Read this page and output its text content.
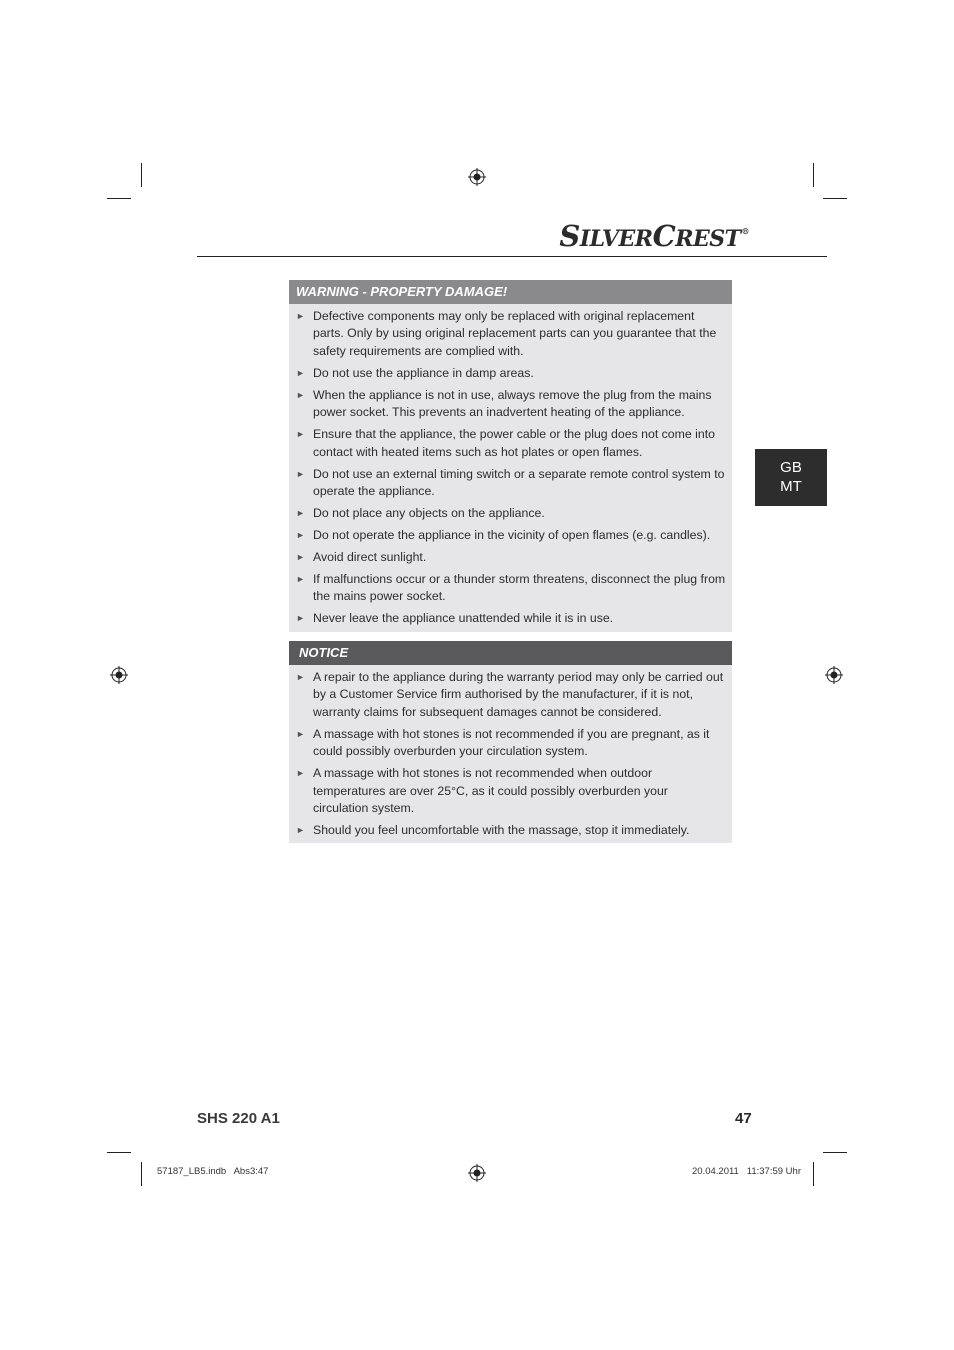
SILVERCREST®
GB
MT
WARNING - PROPERTY DAMAGE!
► Defective components may only be replaced with original replacement parts. Only by using original replacement parts can you guarantee that the safety requirements are complied with.
► Do not use the appliance in damp areas.
► When the appliance is not in use, always remove the plug from the mains power socket. This prevents an inadvertent heating of the appliance.
► Ensure that the appliance, the power cable or the plug does not come into contact with heated items such as hot plates or open flames.
► Do not use an external timing switch or a separate remote control system to operate the appliance.
► Do not place any objects on the appliance.
► Do not operate the appliance in the vicinity of open flames (e.g. candles).
► Avoid direct sunlight.
► If malfunctions occur or a thunder storm threatens, disconnect the plug from the mains power socket.
► Never leave the appliance unattended while it is in use.
NOTICE
► A repair to the appliance during the warranty period may only be carried out by a Customer Service firm authorised by the manufacturer, if it is not, warranty claims for subsequent damages cannot be considered.
► A massage with hot stones is not recommended if you are pregnant, as it could possibly overburden your circulation system.
► A massage with hot stones is not recommended when outdoor temperatures are over 25°C, as it could possibly overburden your circulation system.
► Should you feel uncomfortable with the massage, stop it immediately.
SHS 220 A1	47
57187_LB5.indb   Abs3:47	20.04.2011   11:37:59 Uhr
